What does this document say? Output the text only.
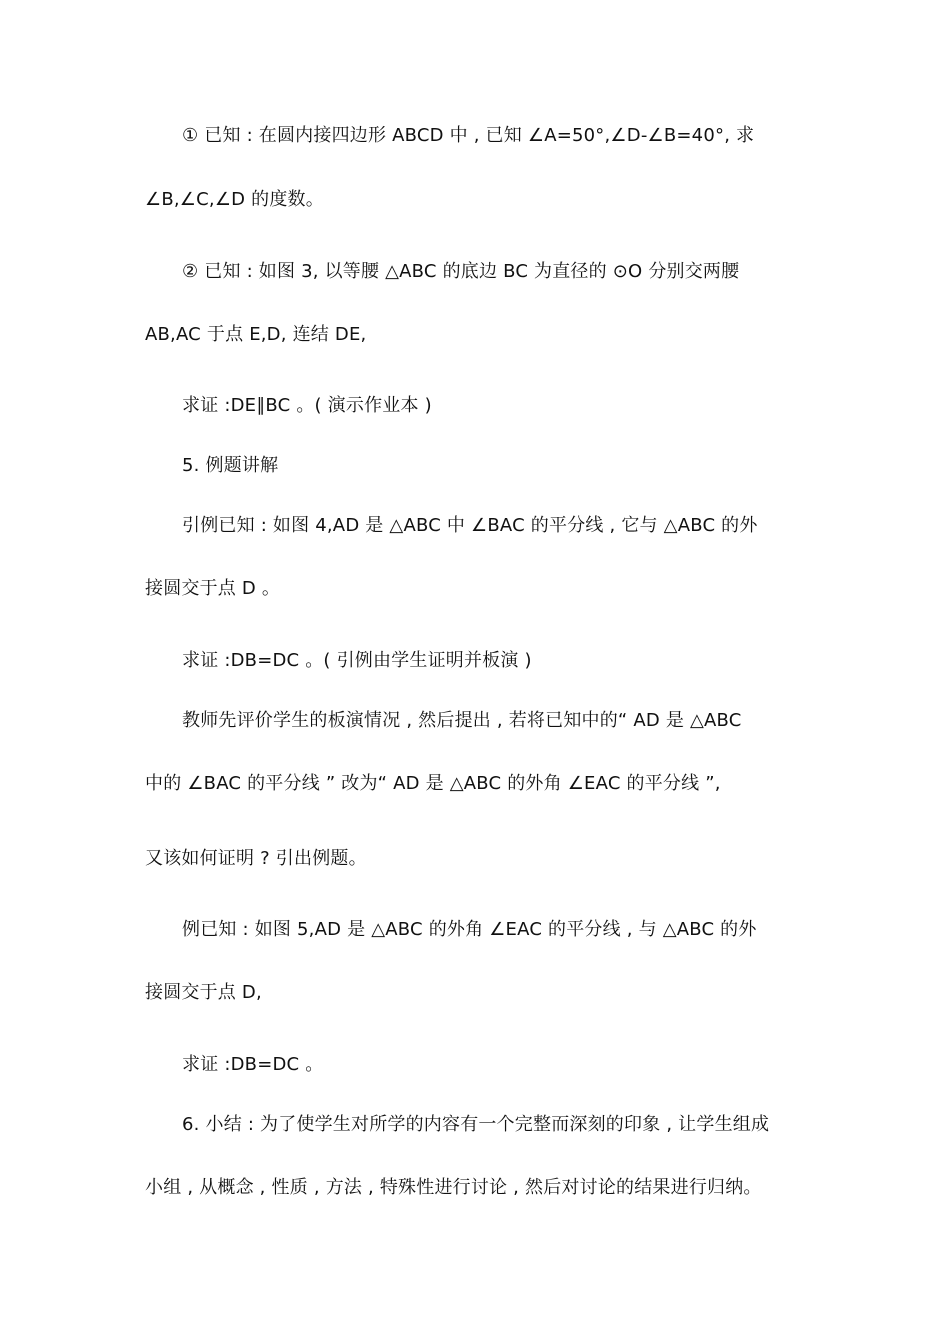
① 已知 : 在圆内接四边形 ABCD 中 , 已知 ∠A=50°,∠D-∠B=40°, 求
∠B,∠C,∠D 的度数。
② 已知 : 如图 3, 以等腰 △ABC 的底边 BC 为直径的 ⊙O 分别交两腰
AB,AC 于点 E,D, 连结 DE,
求证 :DE∥BC 。( 演示作业本 )
5. 例题讲解
引例已知 : 如图 4,AD 是 △ABC 中 ∠BAC 的平分线 , 它与 △ABC 的外
接圆交于点 D 。
求证 :DB=DC 。( 引例由学生证明并板演 )
教师先评价学生的板演情况 , 然后提出 , 若将已知中的“ AD 是 △ABC
中的 ∠BAC 的平分线 ” 改为“ AD 是 △ABC 的外角 ∠EAC 的平分线 ”,
又该如何证明 ? 引出例题。
例已知 : 如图 5,AD 是 △ABC 的外角 ∠EAC 的平分线 , 与 △ABC 的外
接圆交于点 D,
求证 :DB=DC 。
6. 小结 : 为了使学生对所学的内容有一个完整而深刻的印象 , 让学生组成
小组 , 从概念 , 性质 , 方法 , 特殊性进行讨论 , 然后对讨论的结果进行归纳。
